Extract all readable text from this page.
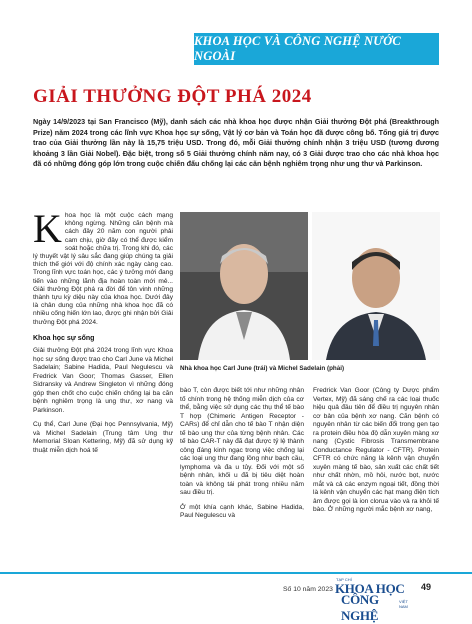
KHOA HỌC VÀ CÔNG NGHỆ NƯỚC NGOÀI
GIẢI THƯỞNG ĐỘT PHÁ 2024

Ngày 14/9/2023 tại San Francisco (Mỹ), danh sách các nhà khoa học được nhận Giải thưởng Đột phá (Breakthrough Prize) năm 2024 trong các lĩnh vực Khoa học sự sống, Vật lý cơ bản và Toán học đã được công bố. Tổng giá trị được trao của Giải thưởng lần này là 15,75 triệu USD. Trong đó, mỗi Giải thưởng chính nhận 3 triệu USD (tương đương khoảng 3 lần Giải Nobel). Đặc biệt, trong số 5 Giải thưởng chính năm nay, có 3 Giải được trao cho các nhà khoa học đã có những đóng góp lớn trong cuộc chiến đấu chống lại các căn bệnh nghiêm trọng như ung thư và Parkinson.

Khoa học là một cuộc cách mạng không ngừng. Những căn bệnh mà cách đây 20 năm con người phải cam chịu, giờ đây có thể được kiểm soát hoặc chữa trị. Trong khi đó, các lý thuyết vật lý sâu sắc đang giúp chúng ta giải thích thế giới với độ chính xác ngày càng cao. Trong lĩnh vực toán học, các ý tưởng mới đang tiến vào những lãnh địa hoàn toàn mới mẻ... Giải thưởng Đột phá ra đời để tôn vinh những thành tựu kỳ diệu này của khoa học. Dưới đây là chân dung của những nhà khoa học đã có nhiều cống hiến lớn lao, được ghi nhận bởi Giải thưởng Đột phá 2024.

Khoa học sự sống

Giải thưởng Đột phá 2024 trong lĩnh vực Khoa học sự sống được trao cho Carl June và Michel Sadelain; Sabine Hadida, Paul Negulescu và Fredrick Van Goor; Thomas Gasser, Ellen Sidransky và Andrew Singleton vì những đóng góp then chốt cho cuộc chiến chống lại ba căn bệnh nghiêm trọng là ung thư, xơ nang và Parkinson.

Cụ thể, Carl June (Đại học Pennsylvania, Mỹ) và Michel Sadelain (Trung tâm Ung thư Memorial Sloan Kettering, Mỹ) đã sử dụng kỹ thuật miễn dịch hoá tế

Nhà khoa học Carl June (trái) và Michel Sadelain (phải)

bào T, còn được biết tới như những nhân tố chính trong hệ thống miễn dịch của cơ thể, bằng việc sử dụng các thụ thể tế bào T hợp (Chimeric Antigen Receptor - CARs) để chỉ dẫn cho tế bào T nhận diện tế bào ung thư của từng bệnh nhân. Các tế bào CAR-T này đã đạt được tỷ lệ thành công đáng kinh ngạc trong việc chống lại các loại ung thư đang lồng như bạch cầu, lymphoma và đa u tủy. Đối với một số bệnh nhân, khối u đã bị tiêu diệt hoàn toàn và không tái phát trong nhiều năm sau điều trị.

Ở một khía cạnh khác, Sabine Hadida, Paul Negulescu và

Fredrick Van Goor (Công ty Dược phẩm Vertex, Mỹ) đã sáng chế ra các loại thuốc hiệu quả đầu tiên để điều trị nguyên nhân cơ bản của bệnh xơ nang. Căn bệnh có nguyên nhân từ các biến đổi trong gen tạo ra protein điều hòa độ dẫn xuyên màng xơ nang (Cystic Fibrosis Transmembrane Conductance Regulator - CFTR). Protein CFTR có chức năng là kênh vận chuyển xuyên màng tế bào, sản xuất các chất tiết như chất nhờn, mồ hôi, nước bọt, nước mắt và cả các enzym ngoại tiết, đồng thời là kênh vận chuyển các hạt mang điện tích âm được gọi là ion clorua vào và ra khỏi tế bào. Ở những người mắc bệnh xơ nang,

Số 10 năm 2023
TẠP CHÍ
KHOA HỌC
CÔNG NGHỆ
VIỆT NAM
49
